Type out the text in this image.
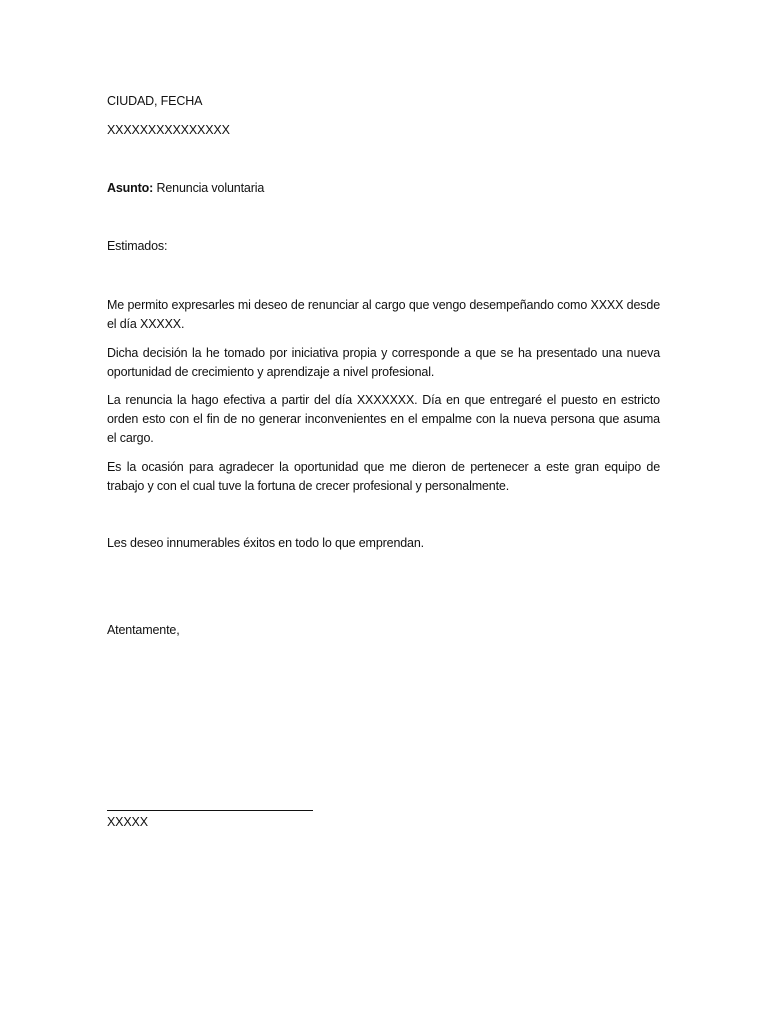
CIUDAD, FECHA
XXXXXXXXXXXXXXX
Asunto: Renuncia voluntaria
Estimados:
Me permito expresarles mi deseo de renunciar al cargo que vengo desempeñando como XXXX desde el día XXXXX.
Dicha decisión la he tomado por iniciativa propia y corresponde a que se ha presentado una nueva oportunidad de crecimiento y aprendizaje a nivel profesional.
La renuncia la hago efectiva a partir del día XXXXXXX. Día en que entregaré el puesto en estricto orden esto con el fin de no generar inconvenientes en el empalme con la nueva persona que asuma el cargo.
Es la ocasión para agradecer la oportunidad que me dieron de pertenecer a este gran equipo de trabajo y con el cual tuve la fortuna de crecer profesional y personalmente.
Les deseo innumerables éxitos en todo lo que emprendan.
Atentamente,
XXXXX
